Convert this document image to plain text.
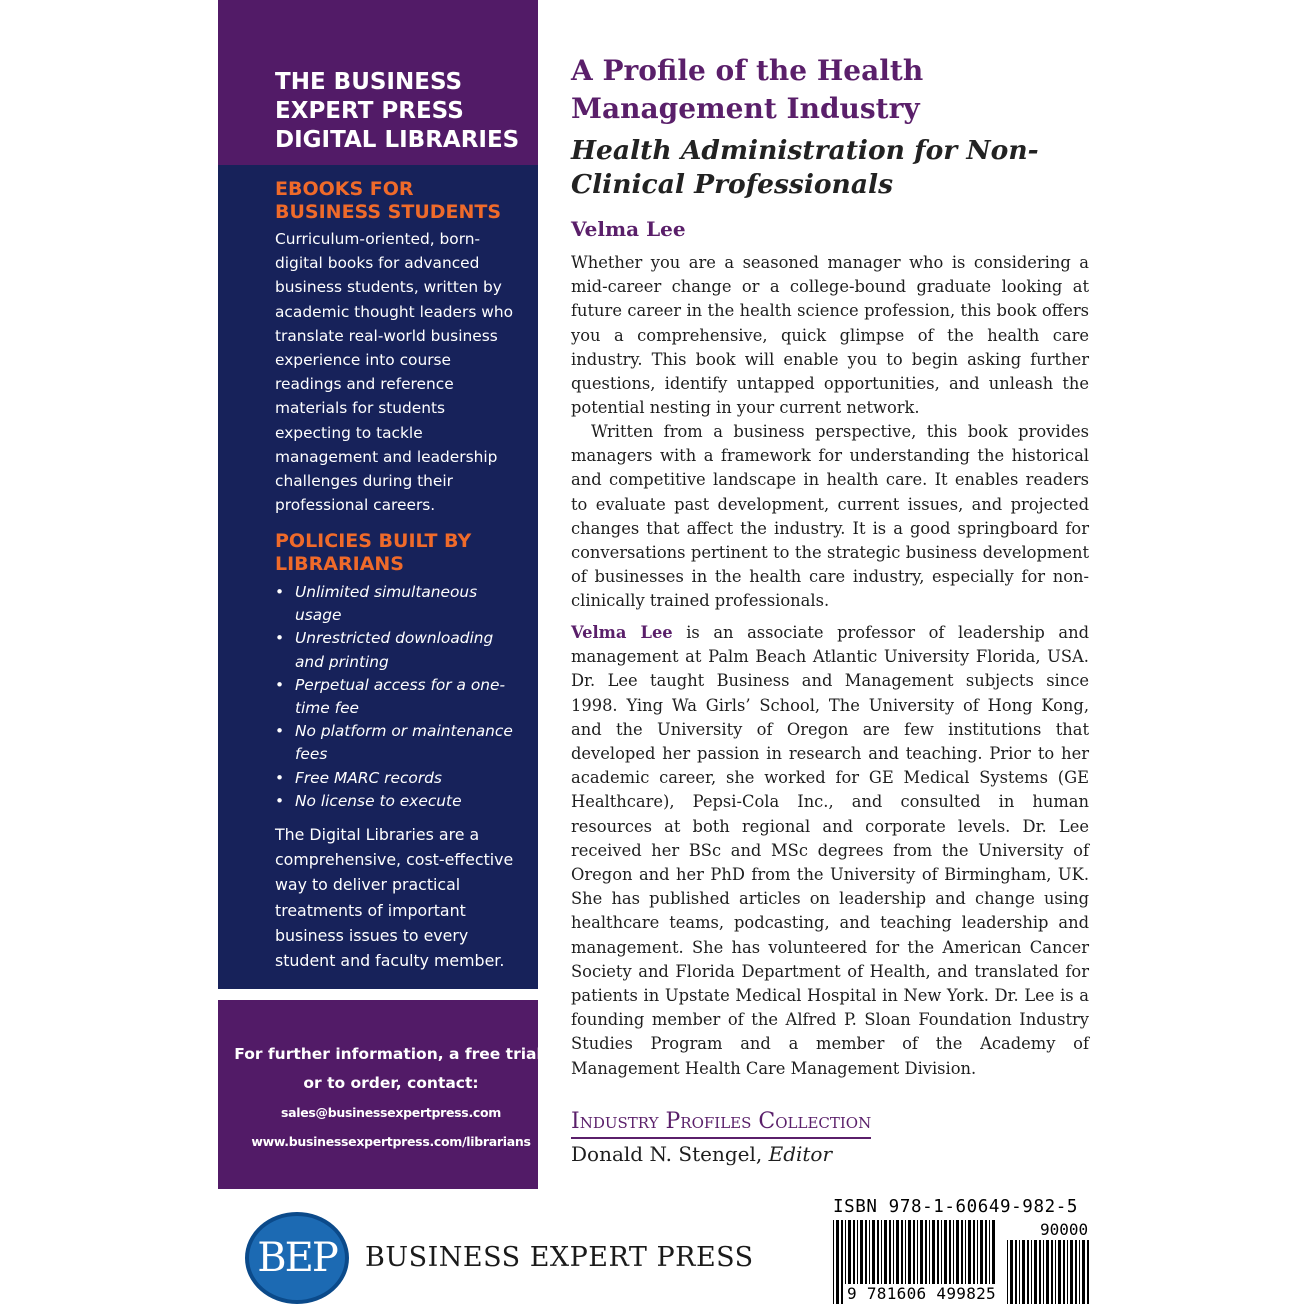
THE BUSINESS EXPERT PRESS DIGITAL LIBRARIES
EBOOKS FOR BUSINESS STUDENTS

Curriculum-oriented, born-digital books for advanced business students, written by academic thought leaders who translate real-world business experience into course readings and reference materials for students expecting to tackle management and leadership challenges during their professional careers.

POLICIES BUILT BY LIBRARIANS
• Unlimited simultaneous usage
• Unrestricted downloading and printing
• Perpetual access for a one-time fee
• No platform or maintenance fees
• Free MARC records
• No license to execute

The Digital Libraries are a comprehensive, cost-effective way to deliver practical treatments of important business issues to every student and faculty member.

For further information, a free trial, or to order, contact:

sales@businessexpertpress.com

www.businessexpertpress.com/librarians

A Profile of the Health Management Industry
Health Administration for Non-Clinical Professionals

Velma Lee

Whether you are a seasoned manager who is considering a mid-career change or a college-bound graduate looking at future career in the health science profession, this book offers you a comprehensive, quick glimpse of the health care industry. This book will enable you to begin asking further questions, identify untapped opportunities, and unleash the potential nesting in your current network.

Written from a business perspective, this book provides managers with a framework for understanding the historical and competitive landscape in health care. It enables readers to evaluate past development, current issues, and projected changes that affect the industry. It is a good springboard for conversations pertinent to the strategic business development of businesses in the health care industry, especially for non-clinically trained professionals.

Velma Lee is an associate professor of leadership and management at Palm Beach Atlantic University Florida, USA. Dr. Lee taught Business and Management subjects since 1998. Ying Wa Girls’ School, The University of Hong Kong, and the University of Oregon are few institutions that developed her passion in research and teaching. Prior to her academic career, she worked for GE Medical Systems (GE Healthcare), Pepsi-Cola Inc., and consulted in human resources at both regional and corporate levels. Dr. Lee received her BSc and MSc degrees from the University of Oregon and her PhD from the University of Birmingham, UK. She has published articles on leadership and change using healthcare teams, podcasting, and teaching leadership and management. She has volunteered for the American Cancer Society and Florida Department of Health, and translated for patients in Upstate Medical Hospital in New York. Dr. Lee is a founding member of the Alfred P. Sloan Foundation Industry Studies Program and a member of the Academy of Management Health Care Management Division.

Industry Profiles Collection

Donald N. Stengel, Editor

BEP	BUSINESS EXPERT PRESS

ISBN 978-1-60649-982-5

90000

9 781606 499825
